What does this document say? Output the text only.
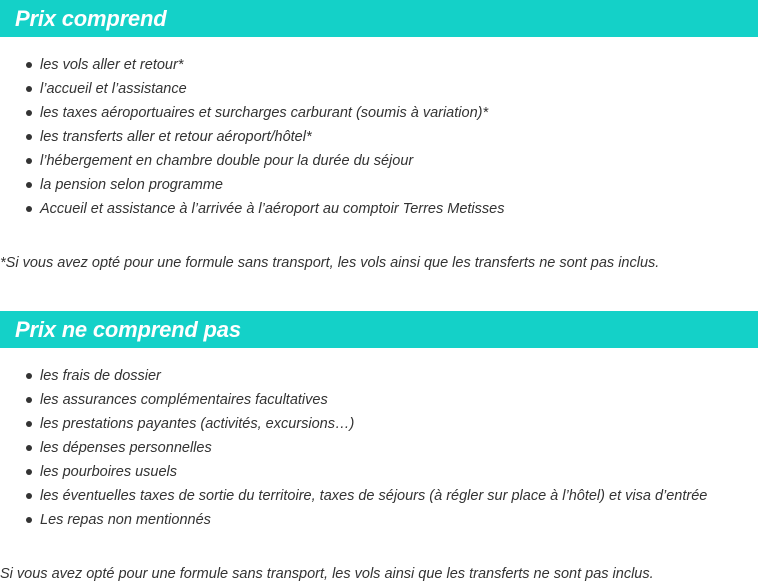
Prix comprend
les vols aller et retour*
l’accueil et l’assistance
les taxes aéroportuaires et surcharges carburant (soumis à variation)*
les transferts aller et retour aéroport/hôtel*
l’hébergement en chambre double pour la durée du séjour
la pension selon programme
Accueil et assistance à l’arrivée à l’aéroport au comptoir Terres Metisses

*Si vous avez opté pour une formule sans transport, les vols ainsi que les transferts ne sont pas inclus.

Prix ne comprend pas
les frais de dossier
les assurances complémentaires facultatives
les prestations payantes (activités, excursions…)
les dépenses personnelles
les pourboires usuels
les éventuelles taxes de sortie du territoire, taxes de séjours (à régler sur place à l’hôtel) et visa d’entrée
Les repas non mentionnés

Si vous avez opté pour une formule sans transport, les vols ainsi que les transferts ne sont pas inclus.
